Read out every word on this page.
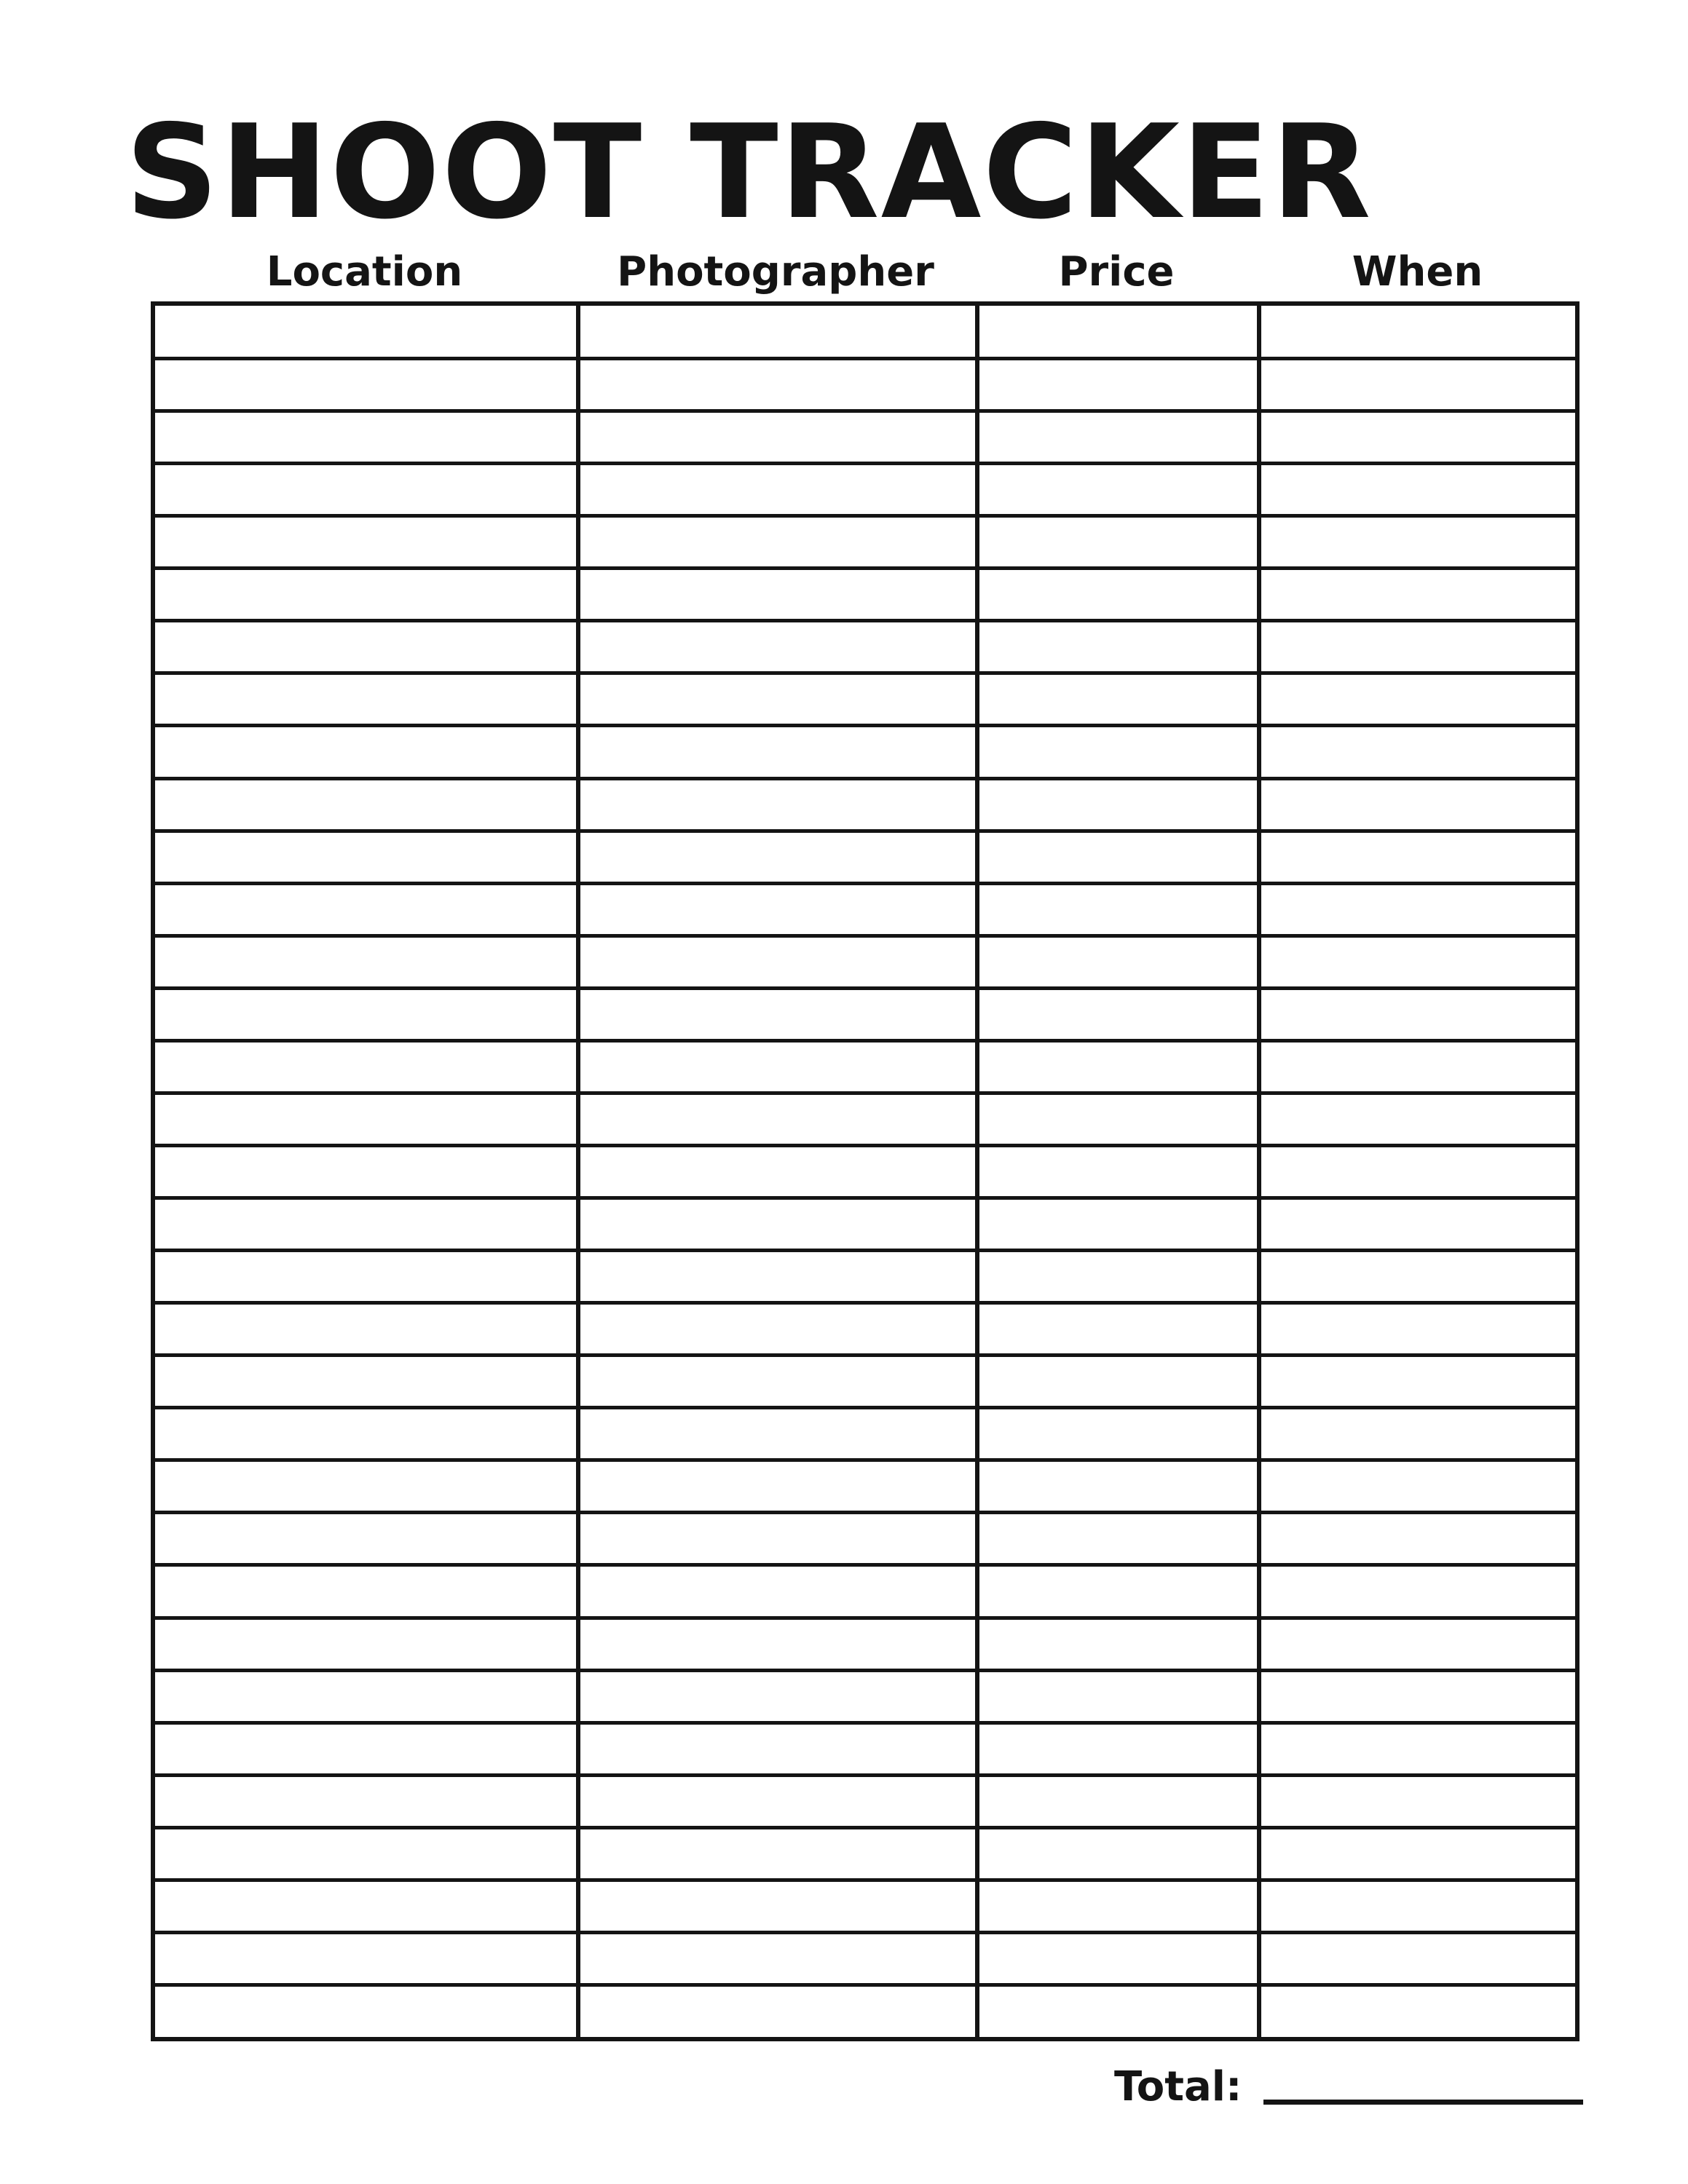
SHOOT TRACKER
Location	Photographer	Price	When
Total:
